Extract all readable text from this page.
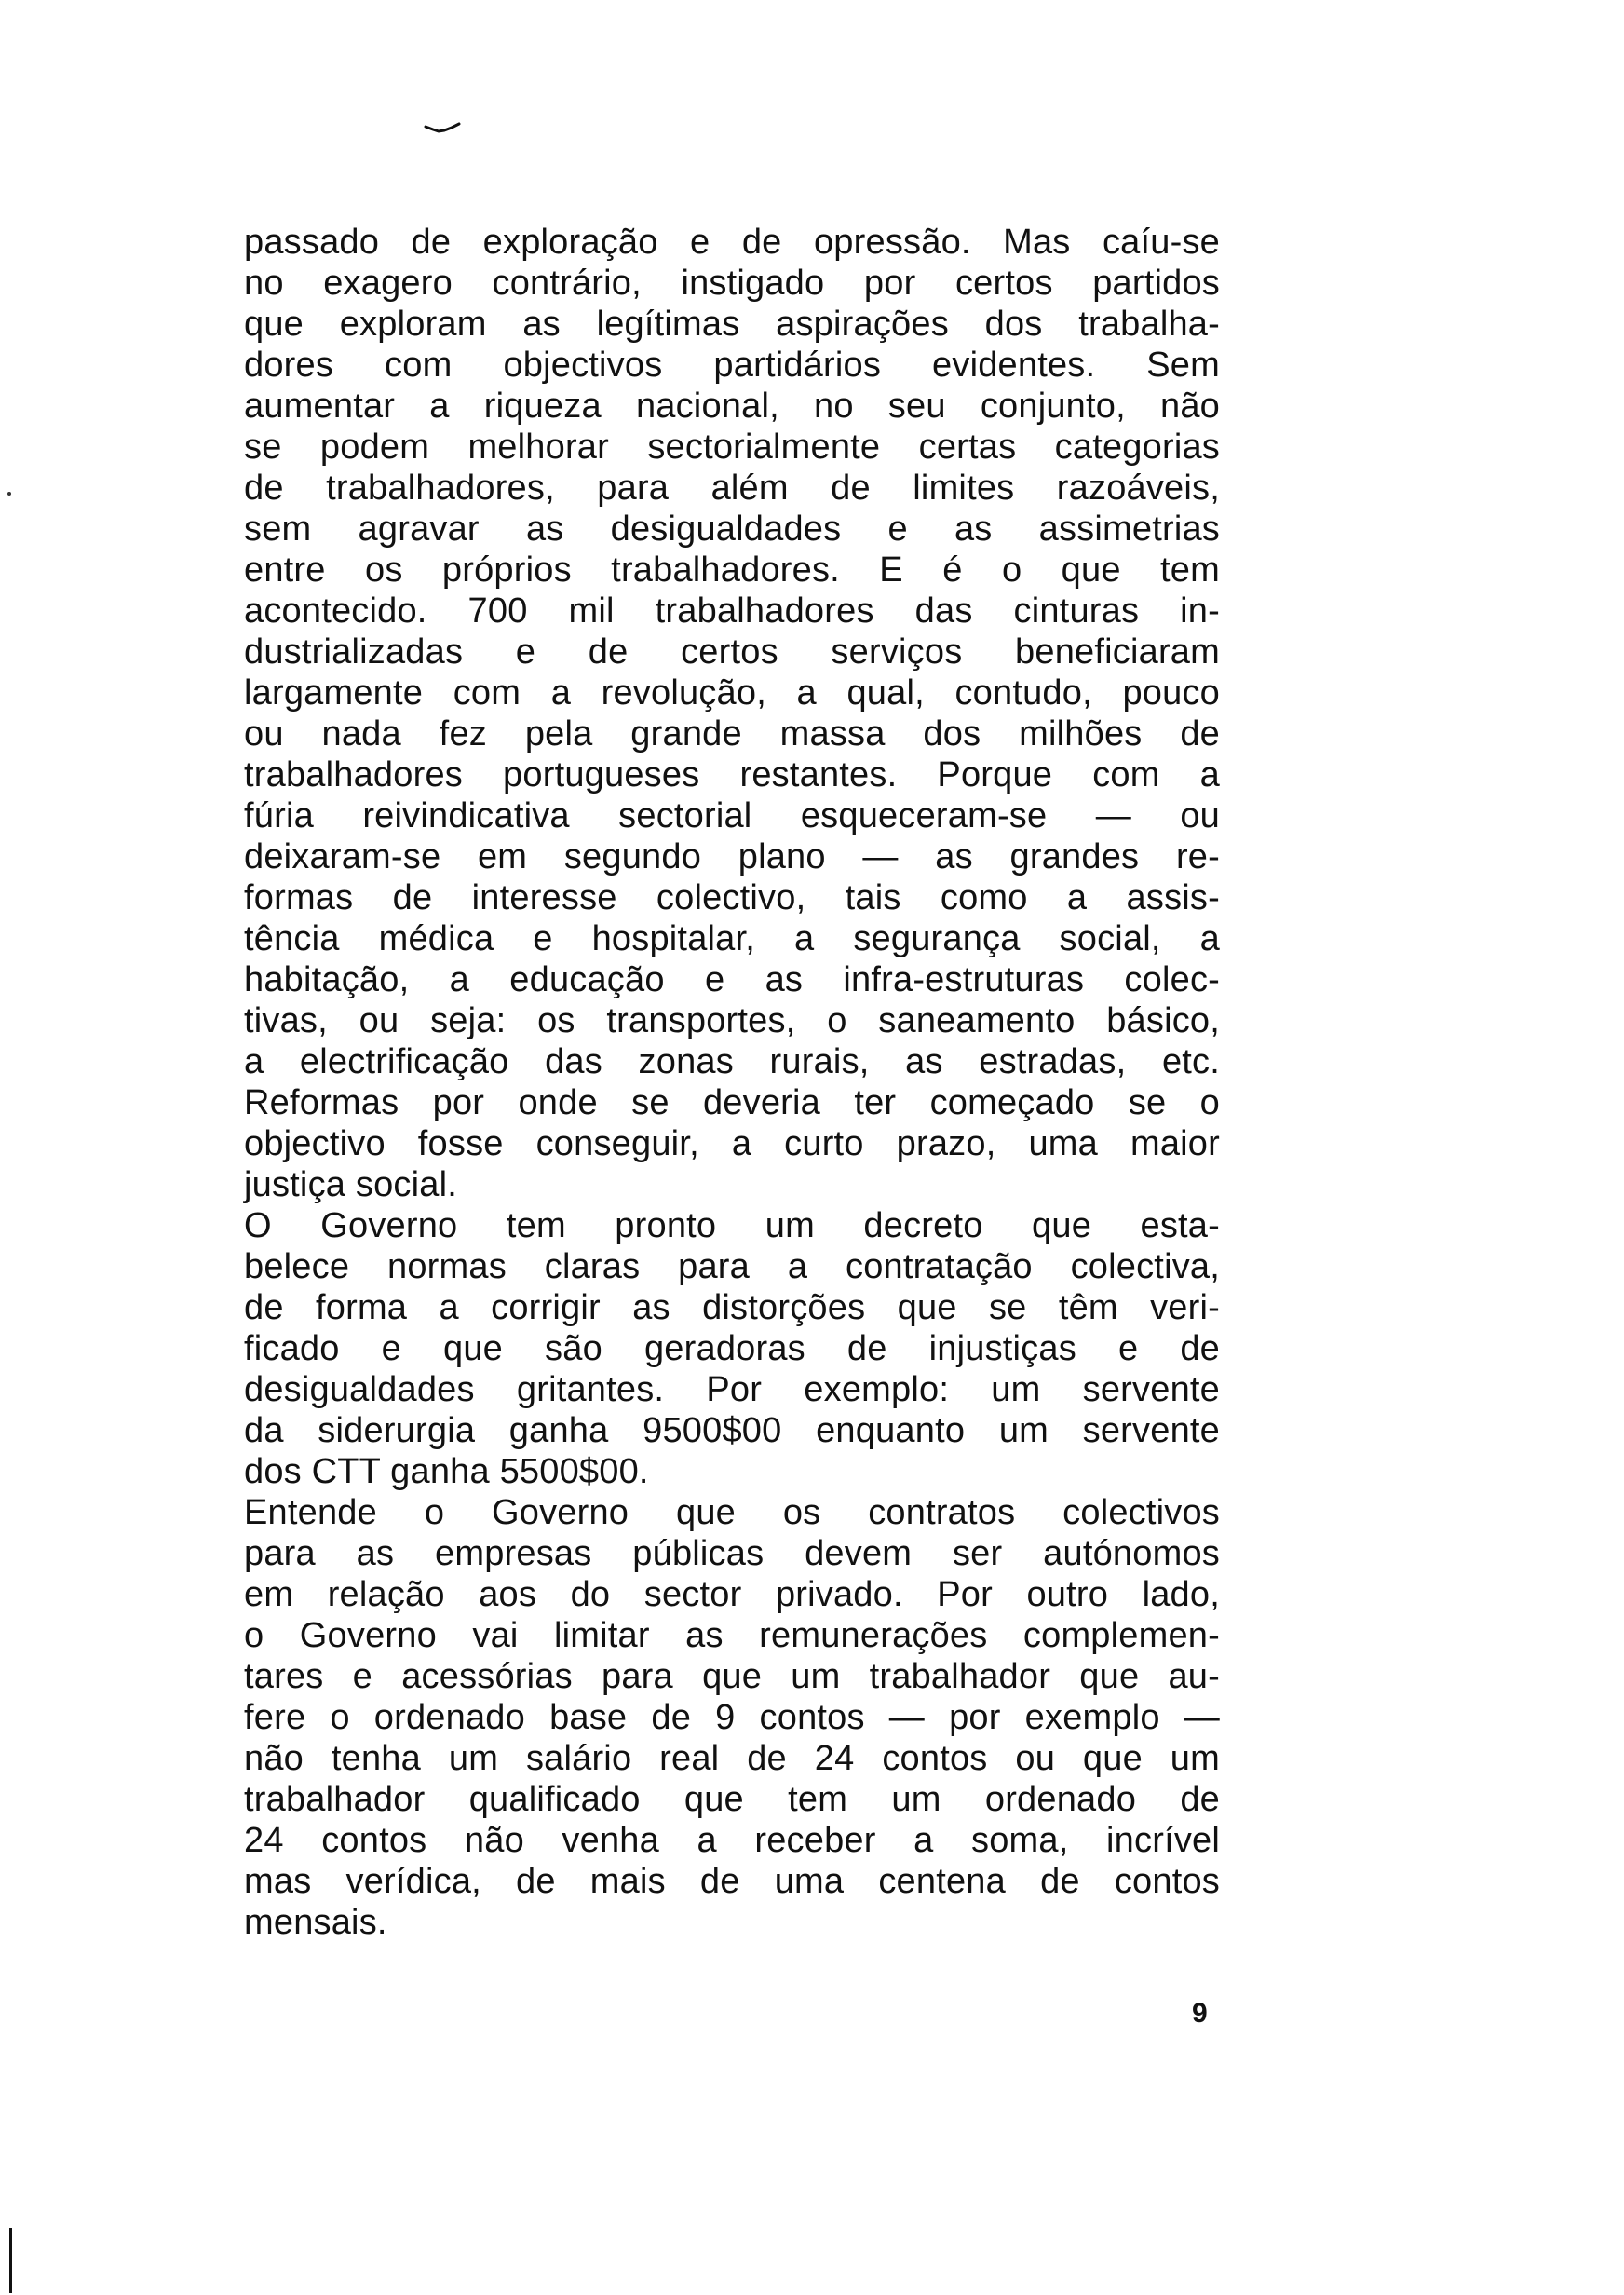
passado de exploração e de opressão. Mas caíu-se
no exagero contrário, instigado por certos partidos
que exploram as legítimas aspirações dos trabalha-
dores com objectivos partidários evidentes. Sem
aumentar a riqueza nacional, no seu conjunto, não
se podem melhorar sectorialmente certas categorias
de trabalhadores, para além de limites razoáveis,
sem agravar as desigualdades e as assimetrias
entre os próprios trabalhadores. E é o que tem
acontecido. 700 mil trabalhadores das cinturas in-
dustrializadas e de certos serviços beneficiaram
largamente com a revolução, a qual, contudo, pouco
ou nada fez pela grande massa dos milhões de
trabalhadores portugueses restantes. Porque com a
fúria reivindicativa sectorial esqueceram-se — ou
deixaram-se em segundo plano — as grandes re-
formas de interesse colectivo, tais como a assis-
tência médica e hospitalar, a segurança social, a
habitação, a educação e as infra-estruturas colec-
tivas, ou seja: os transportes, o saneamento básico,
a electrificação das zonas rurais, as estradas, etc.
Reformas por onde se deveria ter começado se o
objectivo fosse conseguir, a curto prazo, uma maior
justiça social.
O Governo tem pronto um decreto que esta-
belece normas claras para a contratação colectiva,
de forma a corrigir as distorções que se têm veri-
ficado e que são geradoras de injustiças e de
desigualdades gritantes. Por exemplo: um servente
da siderurgia ganha 9500$00 enquanto um servente
dos CTT ganha 5500$00.
Entende o Governo que os contratos colectivos
para as empresas públicas devem ser autónomos
em relação aos do sector privado. Por outro lado,
o Governo vai limitar as remunerações complemen-
tares e acessórias para que um trabalhador que au-
fere o ordenado base de 9 contos — por exemplo —
não tenha um salário real de 24 contos ou que um
trabalhador qualificado que tem um ordenado de
24 contos não venha a receber a soma, incrível
mas verídica, de mais de uma centena de contos
mensais.
9
